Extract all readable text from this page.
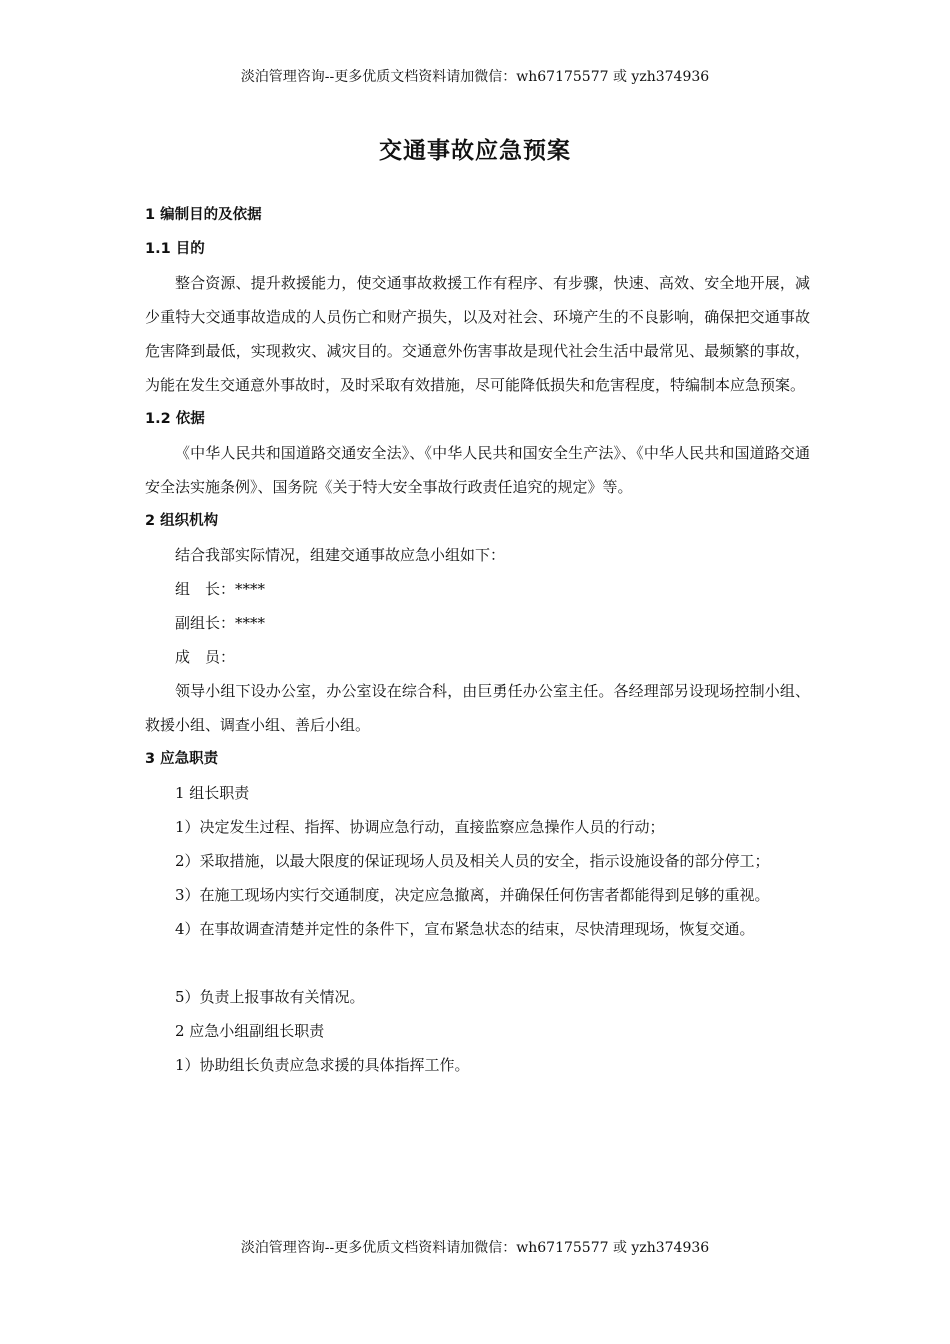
淡泊管理咨询--更多优质文档资料请加微信：wh67175577 或 yzh374936
交通事故应急预案

1 编制目的及依据

1.1 目的

整合资源、提升救援能力，使交通事故救援工作有程序、有步骤，快速、高效、安全地开展，减少重特大交通事故造成的人员伤亡和财产损失，以及对社会、环境产生的不良影响，确保把交通事故危害降到最低，实现救灾、减灾目的。交通意外伤害事故是现代社会生活中最常见、最频繁的事故，为能在发生交通意外事故时，及时采取有效措施，尽可能降低损失和危害程度，特编制本应急预案。

1.2 依据

《中华人民共和国道路交通安全法》、《中华人民共和国安全生产法》、《中华人民共和国道路交通安全法实施条例》、国务院《关于特大安全事故行政责任追究的规定》等。

2 组织机构

结合我部实际情况，组建交通事故应急小组如下：

组　长：****

副组长：****

成　员：

领导小组下设办公室，办公室设在综合科，由巨勇任办公室主任。各经理部另设现场控制小组、救援小组、调查小组、善后小组。

3 应急职责

1 组长职责

1）决定发生过程、指挥、协调应急行动，直接监察应急操作人员的行动；

2）采取措施，以最大限度的保证现场人员及相关人员的安全，指示设施设备的部分停工；

3）在施工现场内实行交通制度，决定应急撤离，并确保任何伤害者都能得到足够的重视。

4）在事故调查清楚并定性的条件下，宣布紧急状态的结束，尽快清理现场，恢复交通。

5）负责上报事故有关情况。

2 应急小组副组长职责

1）协助组长负责应急求援的具体指挥工作。

淡泊管理咨询--更多优质文档资料请加微信：wh67175577 或 yzh374936
